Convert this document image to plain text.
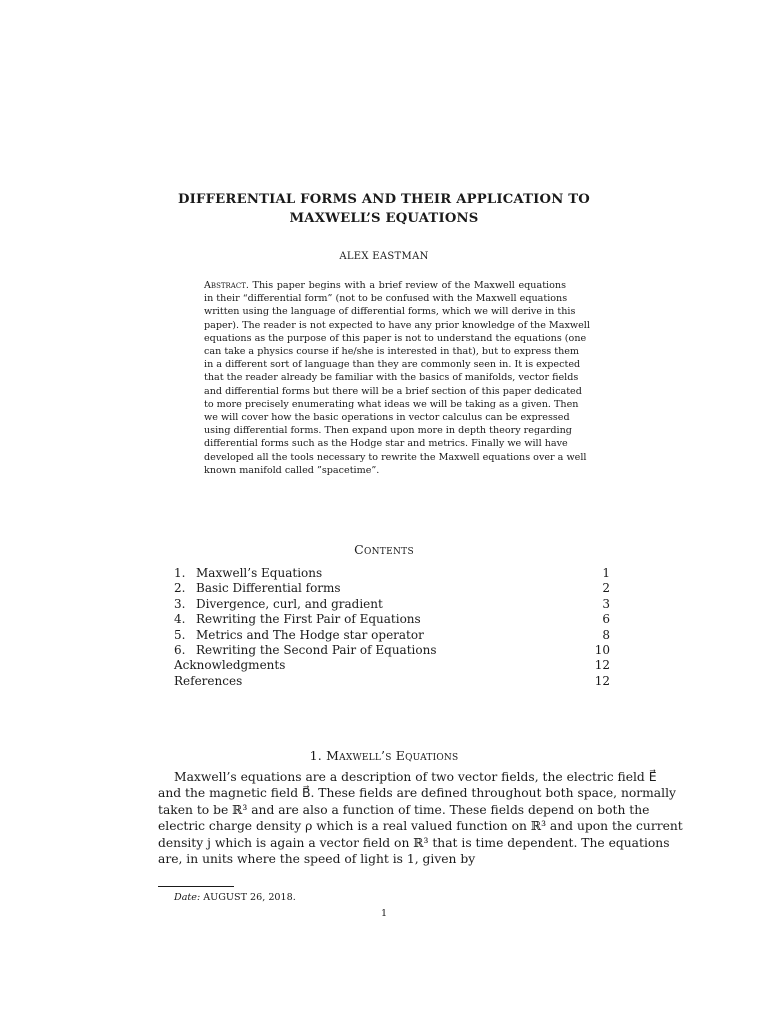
DIFFERENTIAL FORMS AND THEIR APPLICATION TO
MAXWELL’S EQUATIONS
ALEX EASTMAN
Abstract. This paper begins with a brief review of the Maxwell equations
in their “differential form” (not to be confused with the Maxwell equations
written using the language of differential forms, which we will derive in this
paper). The reader is not expected to have any prior knowledge of the Maxwell
equations as the purpose of this paper is not to understand the equations (one
can take a physics course if he/she is interested in that), but to express them
in a different sort of language than they are commonly seen in. It is expected
that the reader already be familiar with the basics of manifolds, vector fields
and differential forms but there will be a brief section of this paper dedicated
to more precisely enumerating what ideas we will be taking as a given. Then
we will cover how the basic operations in vector calculus can be expressed
using differential forms. Then expand upon more in depth theory regarding
differential forms such as the Hodge star and metrics. Finally we will have
developed all the tools necessary to rewrite the Maxwell equations over a well
known manifold called ”spacetime”.
Contents
1. Maxwell’s Equations	1
2. Basic Differential forms	2
3. Divergence, curl, and gradient	3
4. Rewriting the First Pair of Equations	6
5. Metrics and The Hodge star operator	8
6. Rewriting the Second Pair of Equations	10
Acknowledgments	12
References	12
1. Maxwell’s Equations
Maxwell’s equations are a description of two vector fields, the electric field E⃗
and the magnetic field B⃗. These fields are defined throughout both space, normally
taken to be ℝ³ and are also a function of time. These fields depend on both the
electric charge density ρ which is a real valued function on ℝ³ and upon the current
density j which is again a vector field on ℝ³ that is time dependent. The equations
are, in units where the speed of light is 1, given by
Date: AUGUST 26, 2018.
1
